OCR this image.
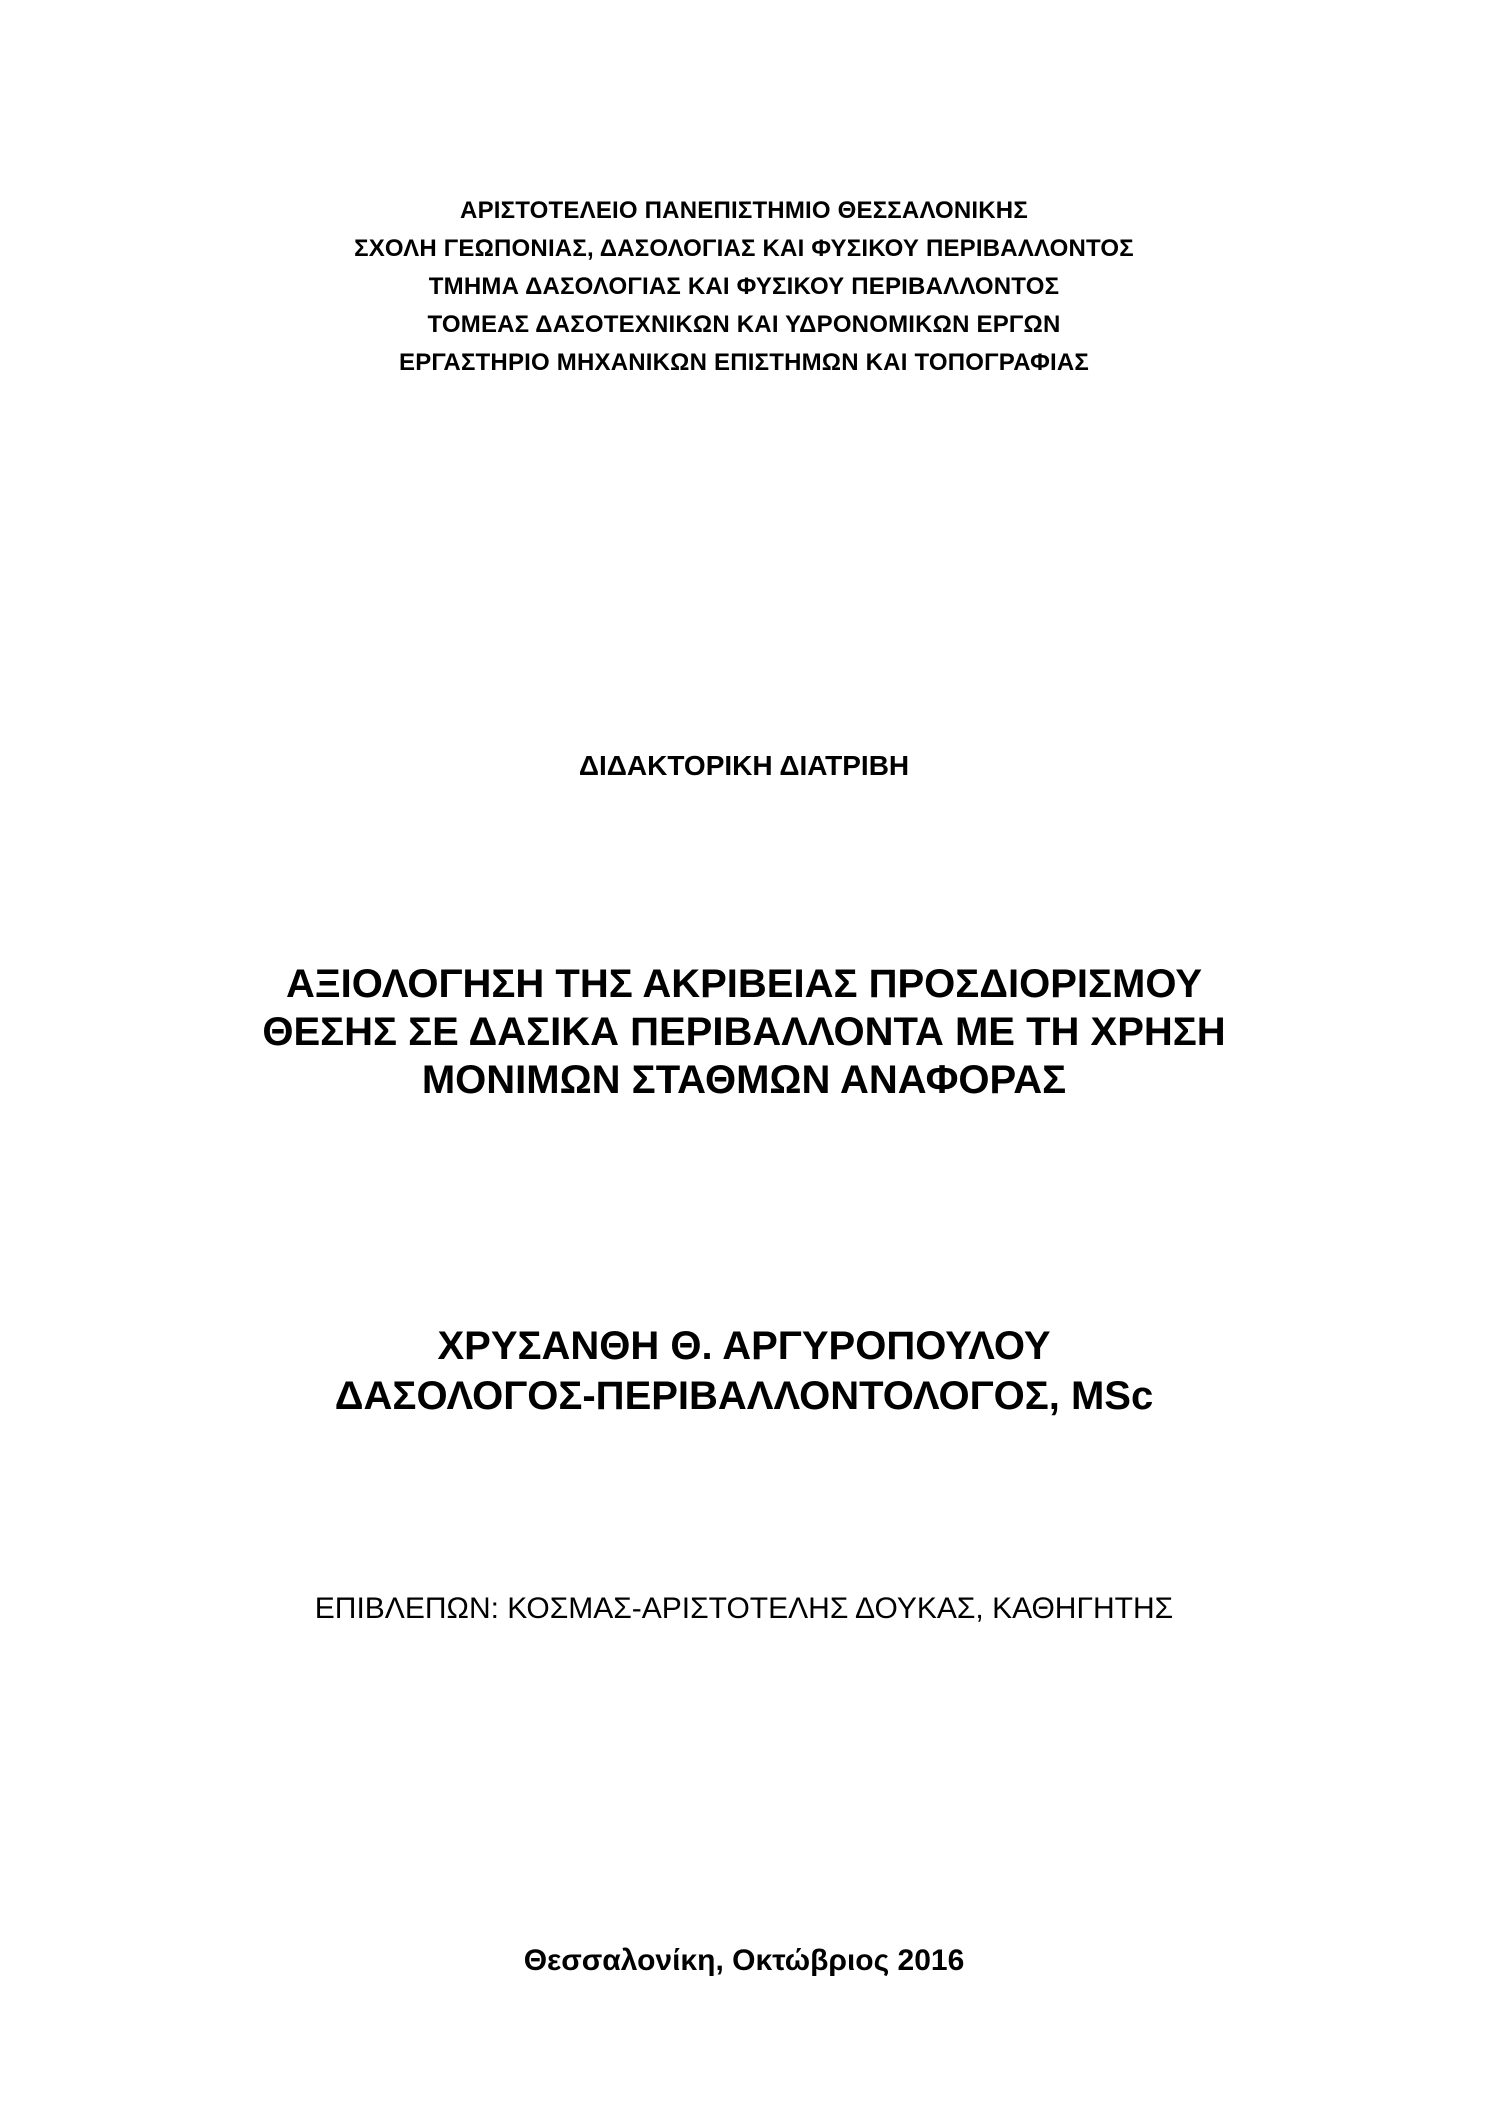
ΑΡΙΣΤΟΤΕΛΕΙΟ ΠΑΝΕΠΙΣΤΗΜΙΟ ΘΕΣΣΑΛΟΝΙΚΗΣ
ΣΧΟΛΗ ΓΕΩΠΟΝΙΑΣ, ΔΑΣΟΛΟΓΙΑΣ ΚΑΙ ΦΥΣΙΚΟΥ ΠΕΡΙΒΑΛΛΟΝΤΟΣ
ΤΜΗΜΑ ΔΑΣΟΛΟΓΙΑΣ ΚΑΙ ΦΥΣΙΚΟΥ ΠΕΡΙΒΑΛΛΟΝΤΟΣ
ΤΟΜΕΑΣ ΔΑΣΟΤΕΧΝΙΚΩΝ ΚΑΙ ΥΔΡΟΝΟΜΙΚΩΝ ΕΡΓΩΝ
ΕΡΓΑΣΤΗΡΙΟ ΜΗΧΑΝΙΚΩΝ ΕΠΙΣΤΗΜΩΝ ΚΑΙ ΤΟΠΟΓΡΑΦΙΑΣ
ΔΙΔΑΚΤΟΡΙΚΗ ΔΙΑΤΡΙΒΗ
ΑΞΙΟΛΟΓΗΣΗ ΤΗΣ ΑΚΡΙΒΕΙΑΣ ΠΡΟΣΔΙΟΡΙΣΜΟΥ
ΘΕΣΗΣ ΣΕ ΔΑΣΙΚΑ ΠΕΡΙΒΑΛΛΟΝΤΑ ΜΕ ΤΗ ΧΡΗΣΗ
ΜΟΝΙΜΩΝ ΣΤΑΘΜΩΝ ΑΝΑΦΟΡΑΣ
ΧΡΥΣΑΝΘΗ Θ. ΑΡΓΥΡΟΠΟΥΛΟΥ
ΔΑΣΟΛΟΓΟΣ-ΠΕΡΙΒΑΛΛΟΝΤΟΛΟΓΟΣ, MSc
ΕΠΙΒΛΕΠΩΝ: ΚΟΣΜΑΣ-ΑΡΙΣΤΟΤΕΛΗΣ ΔΟΥΚΑΣ, ΚΑΘΗΓΗΤΗΣ
Θεσσαλονίκη, Οκτώβριος 2016
